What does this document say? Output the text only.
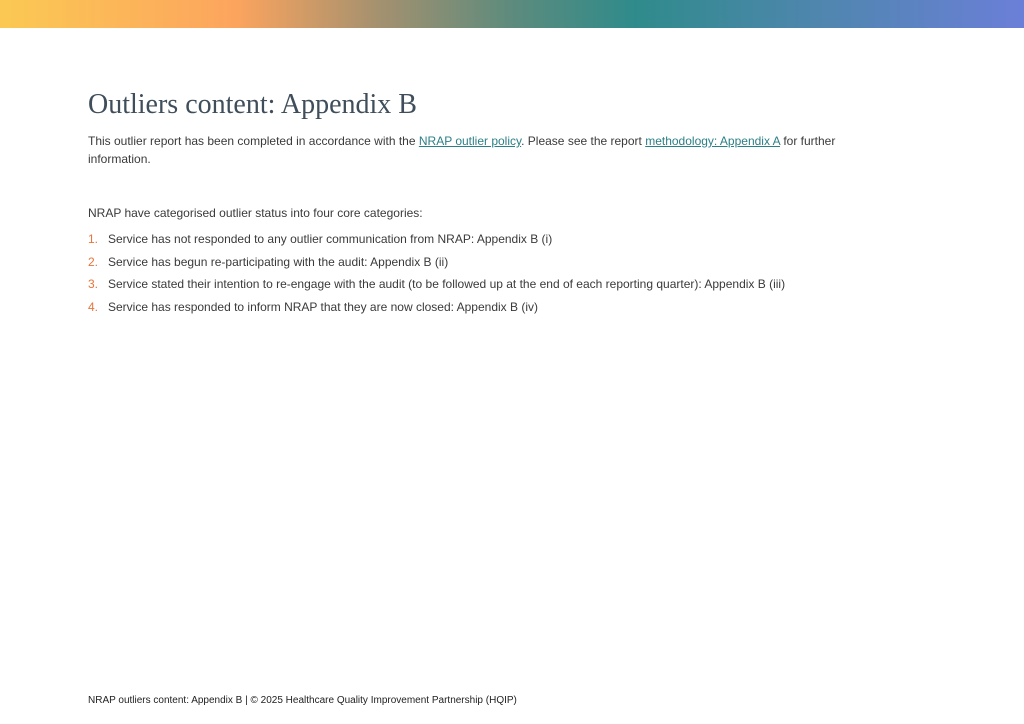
Outliers content: Appendix B

This outlier report has been completed in accordance with the NRAP outlier policy. Please see the report methodology: Appendix A for further information.

NRAP have categorised outlier status into four core categories:

1. Service has not responded to any outlier communication from NRAP: Appendix B (i)
2. Service has begun re-participating with the audit: Appendix B (ii)
3. Service stated their intention to re-engage with the audit (to be followed up at the end of each reporting quarter): Appendix B (iii)
4. Service has responded to inform NRAP that they are now closed: Appendix B (iv)
NRAP outliers content: Appendix B | © 2025 Healthcare Quality Improvement Partnership (HQIP)
